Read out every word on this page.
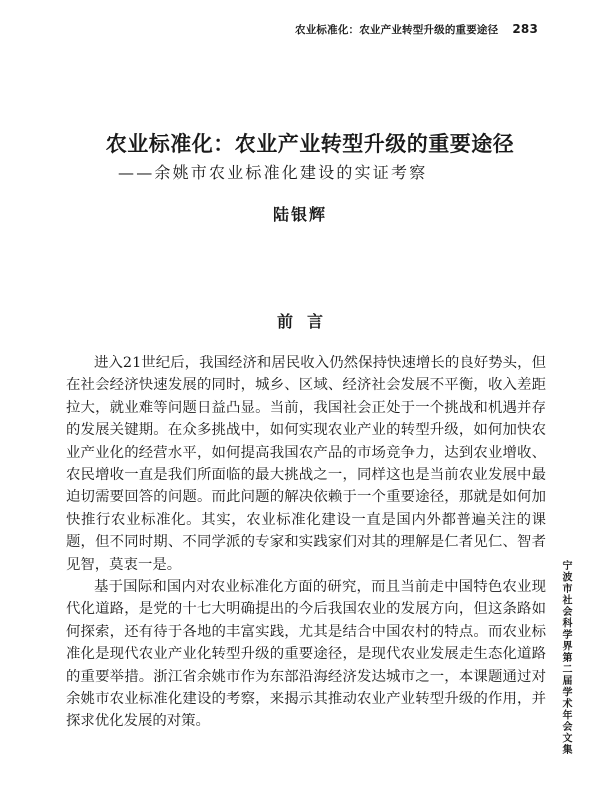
农业标准化：农业产业转型升级的重要途径 283
农业标准化：农业产业转型升级的重要途径
——余姚市农业标准化建设的实证考察
陆银辉
前言

进入21世纪后，我国经济和居民收入仍然保持快速增长的良好势头，但在社会经济快速发展的同时，城乡、区域、经济社会发展不平衡，收入差距拉大，就业难等问题日益凸显。当前，我国社会正处于一个挑战和机遇并存的发展关键期。在众多挑战中，如何实现农业产业的转型升级，如何加快农业产业化的经营水平，如何提高我国农产品的市场竞争力，达到农业增收、农民增收一直是我们所面临的最大挑战之一，同样这也是当前农业发展中最迫切需要回答的问题。而此问题的解决依赖于一个重要途径，那就是如何加快推行农业标准化。其实，农业标准化建设一直是国内外都普遍关注的课题，但不同时期、不同学派的专家和实践家们对其的理解是仁者见仁、智者见智，莫衷一是。

基于国际和国内对农业标准化方面的研究，而且当前走中国特色农业现代化道路，是党的十七大明确提出的今后我国农业的发展方向，但这条路如何探索，还有待于各地的丰富实践，尤其是结合中国农村的特点。而农业标准化是现代农业产业化转型升级的重要途径，是现代农业发展走生态化道路的重要举措。浙江省余姚市作为东部沿海经济发达城市之一，本课题通过对余姚市农业标准化建设的考察，来揭示其推动农业产业转型升级的作用，并探求优化发展的对策。	宁波市社会科学界第二届学术年会文集
